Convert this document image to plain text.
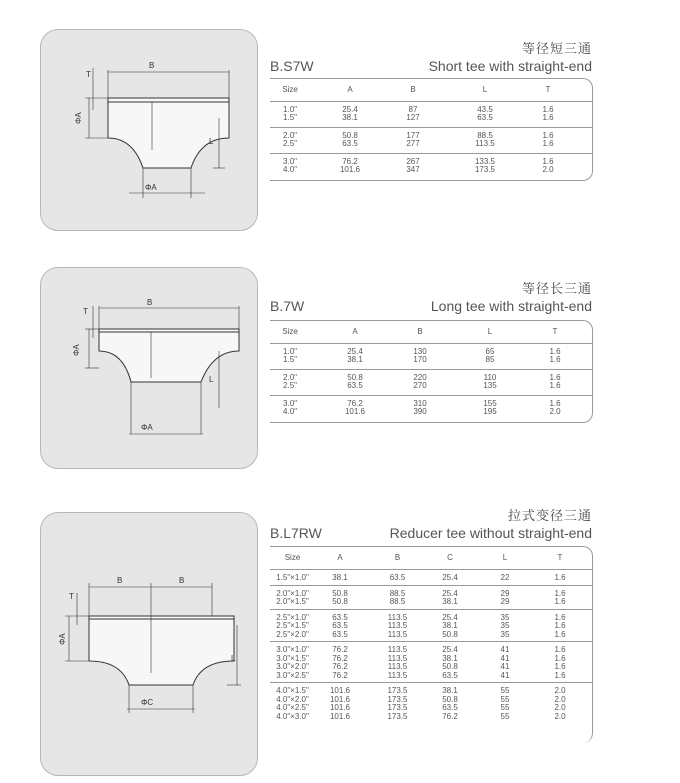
B
T
ΦA
L
ΦA
等径短三通
B.S7W	Short tee with straight-end
Size	A	B	L	T
1.0"	25.4	87	43.5	1.6
1.5"	38.1	127	63.5	1.6
2.0"	50.8	177	88.5	1.6
2.5"	63.5	277	113.5	1.6
3.0"	76.2	267	133.5	1.6
4.0"	101.6	347	173.5	2.0
B
T
ΦA
L
ΦA
等径长三通
B.7W	Long tee with straight-end
Size	A	B	L	T
1.0"	25.4	130	65	1.6
1.5"	38.1	170	85	1.6
2.0"	50.8	220	110	1.6
2.5"	63.5	270	135	1.6
3.0"	76.2	310	155	1.6
4.0"	101.6	390	195	2.0
B	B
T
ΦA
L
ΦC
拉式变径三通
B.L7RW	Reducer tee without straight-end
Size	A	B	C	L	T
1.5"×1.0"	38.1	63.5	25.4	22	1.6
2.0"×1.0"	50.8	88.5	25.4	29	1.6
2.0"×1.5"	50.8	88.5	38.1	29	1.6
2.5"×1.0"	63.5	113.5	25.4	35	1.6
2.5"×1.5"	63.5	113.5	38.1	35	1.6
2.5"×2.0"	63.5	113.5	50.8	35	1.6
3.0"×1.0"	76.2	113.5	25.4	41	1.6
3.0"×1.5"	76.2	113.5	38.1	41	1.6
3.0"×2.0"	76.2	113.5	50.8	41	1.6
3.0"×2.5"	76.2	113.5	63.5	41	1.6
4.0"×1.5"	101.6	173.5	38.1	55	2.0
4.0"×2.0"	101.6	173.5	50.8	55	2.0
4.0"×2.5"	101.6	173.5	63.5	55	2.0
4.0"×3.0"	101.6	173.5	76.2	55	2.0
